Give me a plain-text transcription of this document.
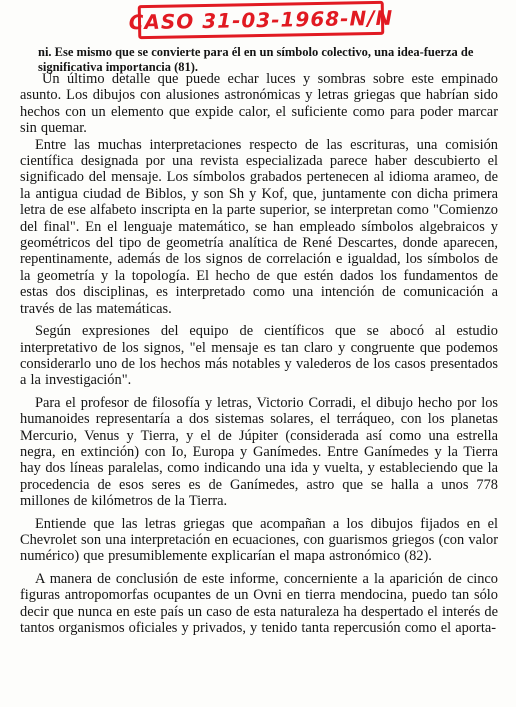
CASO 31-03-1968-N/N

ni. Ese mismo que se convierte para él en un símbolo colectivo, una idea-fuerza de significativa importancia (81).

Un último detalle que puede echar luces y sombras sobre este empinado asunto. Los dibujos con alusiones astronómicas y letras griegas que habrían sido hechos con un elemento que expide calor, el suficiente como para poder marcar sin quemar.

Entre las muchas interpretaciones respecto de las escrituras, una comisión científica designada por una revista especializada parece haber descubierto el significado del mensaje. Los símbolos grabados pertenecen al idioma arameo, de la antigua ciudad de Biblos, y son Sh y Kof, que, juntamente con dicha primera letra de ese alfabeto inscripta en la parte superior, se interpretan como "Comienzo del final". En el lenguaje matemático, se han empleado símbolos algebraicos y geométricos del tipo de geometría analítica de René Descartes, donde aparecen, repentinamente, además de los signos de correlación e igualdad, los símbolos de la geometría y la topología. El hecho de que estén dados los fundamentos de estas dos disciplinas, es interpretado como una intención de comunicación a través de las matemáticas.

Según expresiones del equipo de científicos que se abocó al estudio interpretativo de los signos, "el mensaje es tan claro y congruente que podemos considerarlo uno de los hechos más notables y valederos de los casos presentados a la investigación".

Para el profesor de filosofía y letras, Victorio Corradi, el dibujo hecho por los humanoides representaría a dos sistemas solares, el terráqueo, con los planetas Mercurio, Venus y Tierra, y el de Júpiter (considerada así como una estrella negra, en extinción) con Io, Europa y Ganímedes. Entre Ganímedes y la Tierra hay dos líneas paralelas, como indicando una ida y vuelta, y estableciendo que la procedencia de esos seres es de Ganímedes, astro que se halla a unos 778 millones de kilómetros de la Tierra.

Entiende que las letras griegas que acompañan a los dibujos fijados en el Chevrolet son una interpretación en ecuaciones, con guarismos griegos (con valor numérico) que presumiblemente explicarían el mapa astronómico (82).

A manera de conclusión de este informe, concerniente a la aparición de cinco figuras antropomorfas ocupantes de un Ovni en tierra mendocina, puedo tan sólo decir que nunca en este país un caso de esta naturaleza ha despertado el interés de tantos organismos oficiales y privados, y tenido tanta repercusión como el aporta-
